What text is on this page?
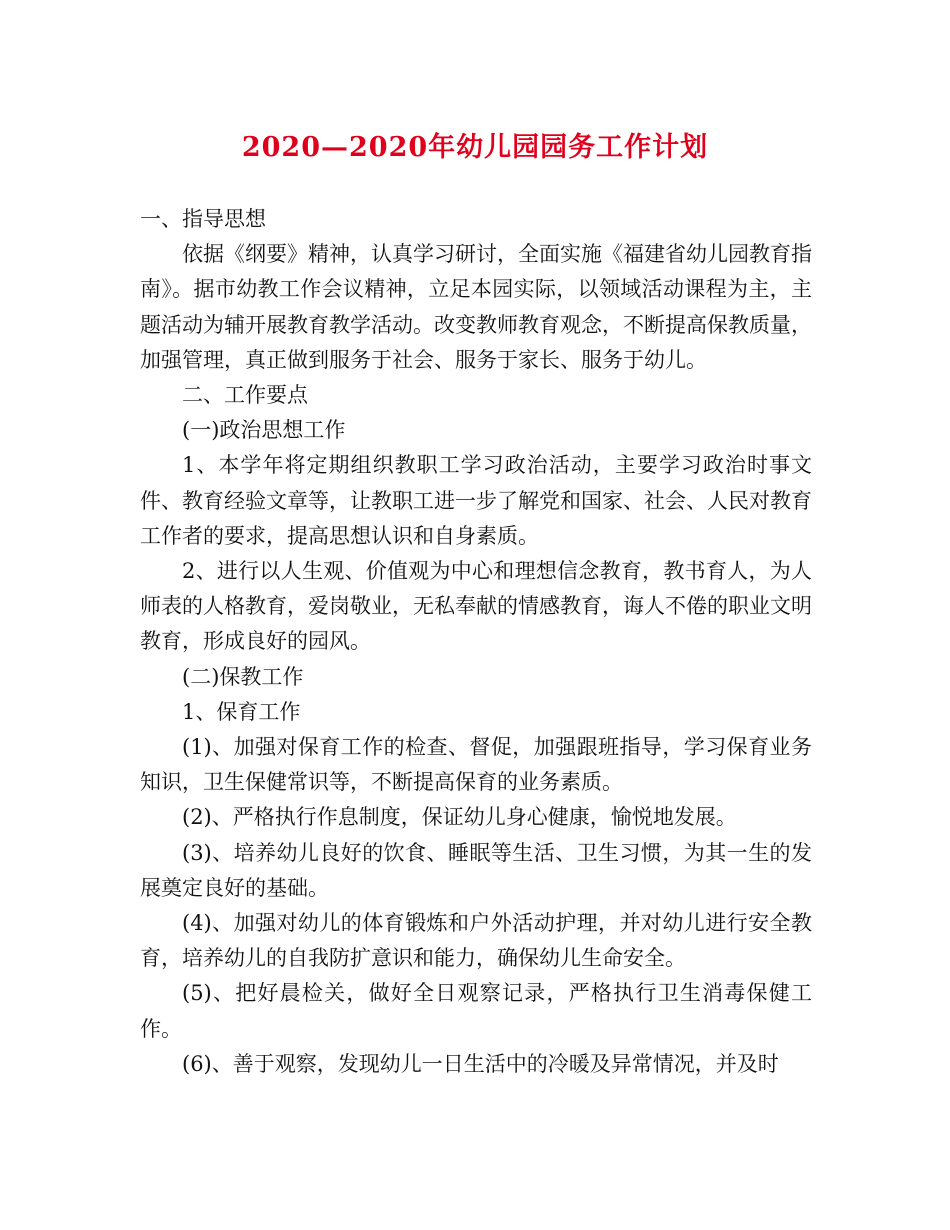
2020—2020年幼儿园园务工作计划

一、指导思想

依据《纲要》精神，认真学习研讨，全面实施《福建省幼儿园教育指南》。据市幼教工作会议精神，立足本园实际，以领域活动课程为主，主题活动为辅开展教育教学活动。改变教师教育观念，不断提高保教质量，加强管理，真正做到服务于社会、服务于家长、服务于幼儿。

二、工作要点

(一)政治思想工作

1、本学年将定期组织教职工学习政治活动，主要学习政治时事文件、教育经验文章等，让教职工进一步了解党和国家、社会、人民对教育工作者的要求，提高思想认识和自身素质。

2、进行以人生观、价值观为中心和理想信念教育，教书育人，为人师表的人格教育，爱岗敬业，无私奉献的情感教育，诲人不倦的职业文明教育，形成良好的园风。

(二)保教工作

1、保育工作

(1)、加强对保育工作的检查、督促，加强跟班指导，学习保育业务知识，卫生保健常识等，不断提高保育的业务素质。

(2)、严格执行作息制度，保证幼儿身心健康，愉悦地发展。

(3)、培养幼儿良好的饮食、睡眠等生活、卫生习惯，为其一生的发展奠定良好的基础。

(4)、加强对幼儿的体育锻炼和户外活动护理，并对幼儿进行安全教育，培养幼儿的自我防扩意识和能力，确保幼儿生命安全。

(5)、把好晨检关，做好全日观察记录，严格执行卫生消毒保健工作。

(6)、善于观察，发现幼儿一日生活中的冷暖及异常情况，并及时
